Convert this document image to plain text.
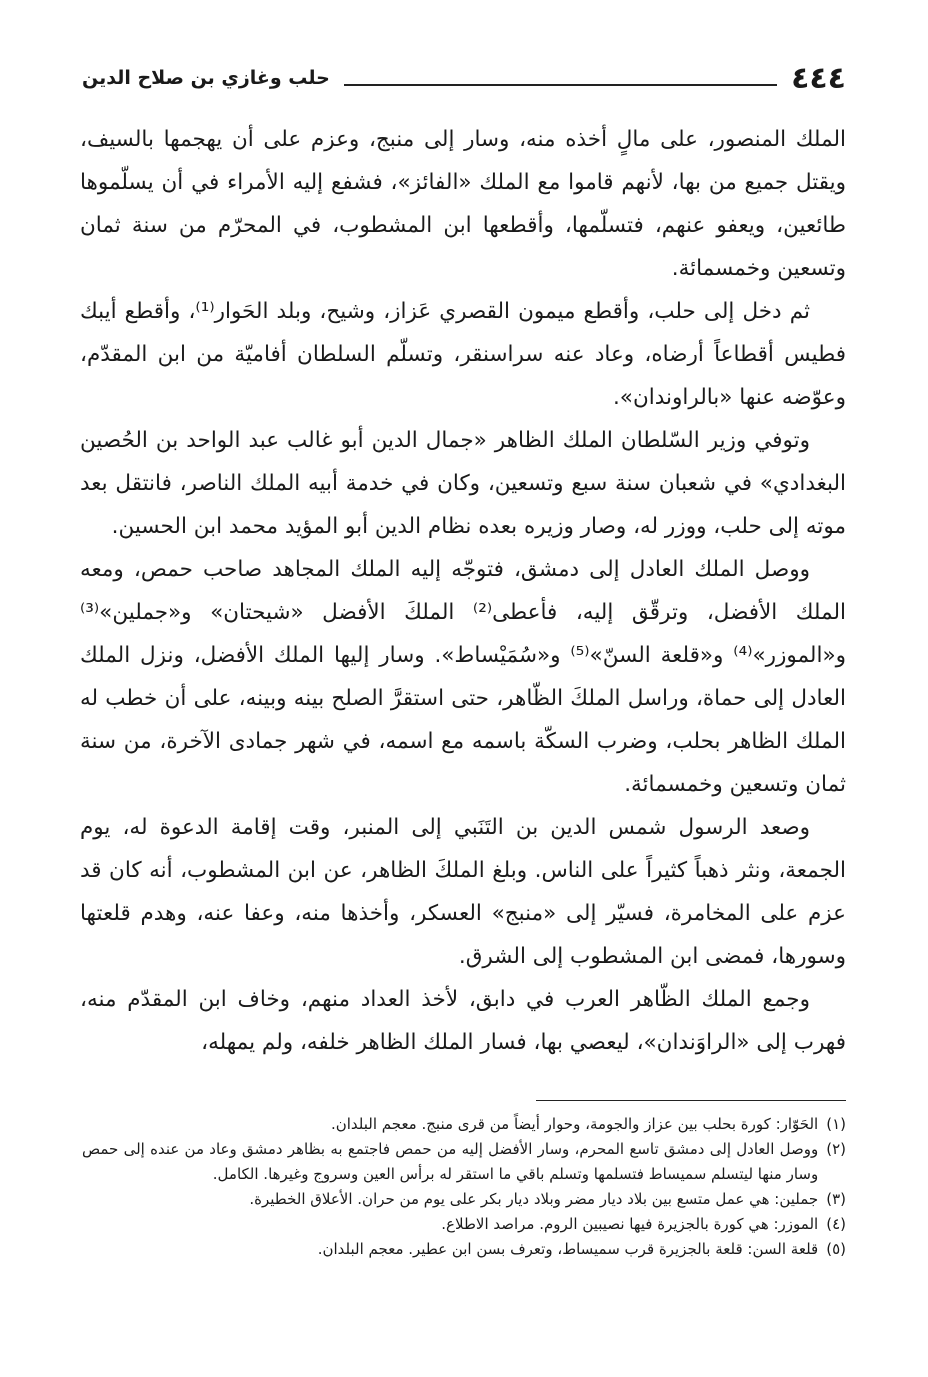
٤٤٤
حلب وغازي بن صلاح الدين

الملك المنصور، على مالٍ أخذه منه، وسار إلى منبج، وعزم على أن يهجمها بالسيف، ويقتل جميع من بها، لأنهم قاموا مع الملك «الفائز»، فشفع إليه الأمراء في أن يسلّموها طائعين، ويعفو عنهم، فتسلّمها، وأقطعها ابن المشطوب، في المحرّم من سنة ثمان وتسعين وخمسمائة.

ثم دخل إلى حلب، وأقطع ميمون القصري عَزاز، وشيح، وبلد الحَوار⁽¹⁾، وأقطع أيبك فطيس أقطاعاً أرضاه، وعاد عنه سراسنقر، وتسلّم السلطان أفاميّة من ابن المقدّم، وعوّضه عنها «بالراوندان».

وتوفي وزير السّلطان الملك الظاهر «جمال الدين أبو غالب عبد الواحد بن الحُصين البغدادي» في شعبان سنة سبع وتسعين، وكان في خدمة أبيه الملك الناصر، فانتقل بعد موته إلى حلب، ووزر له، وصار وزيره بعده نظام الدين أبو المؤيد محمد ابن الحسين.

ووصل الملك العادل إلى دمشق، فتوجّه إليه الملك المجاهد صاحب حمص، ومعه الملك الأفضل، وترقّق إليه، فأعطى⁽²⁾ الملكَ الأفضل «شيحتان» و«جملين»⁽³⁾ و«الموزر»⁽⁴⁾ و«قلعة السنّ»⁽⁵⁾ و«سُمَيْساط». وسار إليها الملك الأفضل، ونزل الملك العادل إلى حماة، وراسل الملكَ الظّاهر، حتى استقرَّ الصلح بينه وبينه، على أن خطب له الملك الظاهر بحلب، وضرب السكّة باسمه مع اسمه، في شهر جمادى الآخرة، من سنة ثمان وتسعين وخمسمائة.

وصعد الرسول شمس الدين بن التَنَبي إلى المنبر، وقت إقامة الدعوة له، يوم الجمعة، ونثر ذهباً كثيراً على الناس. وبلغ الملكَ الظاهر، عن ابن المشطوب، أنه كان قد عزم على المخامرة، فسيّر إلى «منبج» العسكر، وأخذها منه، وعفا عنه، وهدم قلعتها وسورها، فمضى ابن المشطوب إلى الشرق.

وجمع الملك الظّاهر العرب في دابق، لأخذ العداد منهم، وخاف ابن المقدّم منه، فهرب إلى «الراوَندان»، ليعصي بها، فسار الملك الظاهر خلفه، ولم يمهله،

(١)
الحَوّار: كورة بحلب بين عزاز والجومة، وحوار أيضاً من قرى منبج. معجم البلدان.
(٢)
ووصل العادل إلى دمشق تاسع المحرم، وسار الأفضل إليه من حمص فاجتمع به بظاهر دمشق وعاد من عنده إلى حمص وسار منها ليتسلم سميساط فتسلمها وتسلم باقي ما استقر له برأس العين وسروج وغيرها. الكامل.
(٣)
جملين: هي عمل متسع بين بلاد ديار مضر وبلاد ديار بكر على يوم من حران. الأعلاق الخطيرة.
(٤)
الموزر: هي كورة بالجزيرة فيها نصيبين الروم. مراصد الاطلاع.
(٥)
قلعة السن: قلعة بالجزيرة قرب سميساط، وتعرف بسن ابن عطير. معجم البلدان.
